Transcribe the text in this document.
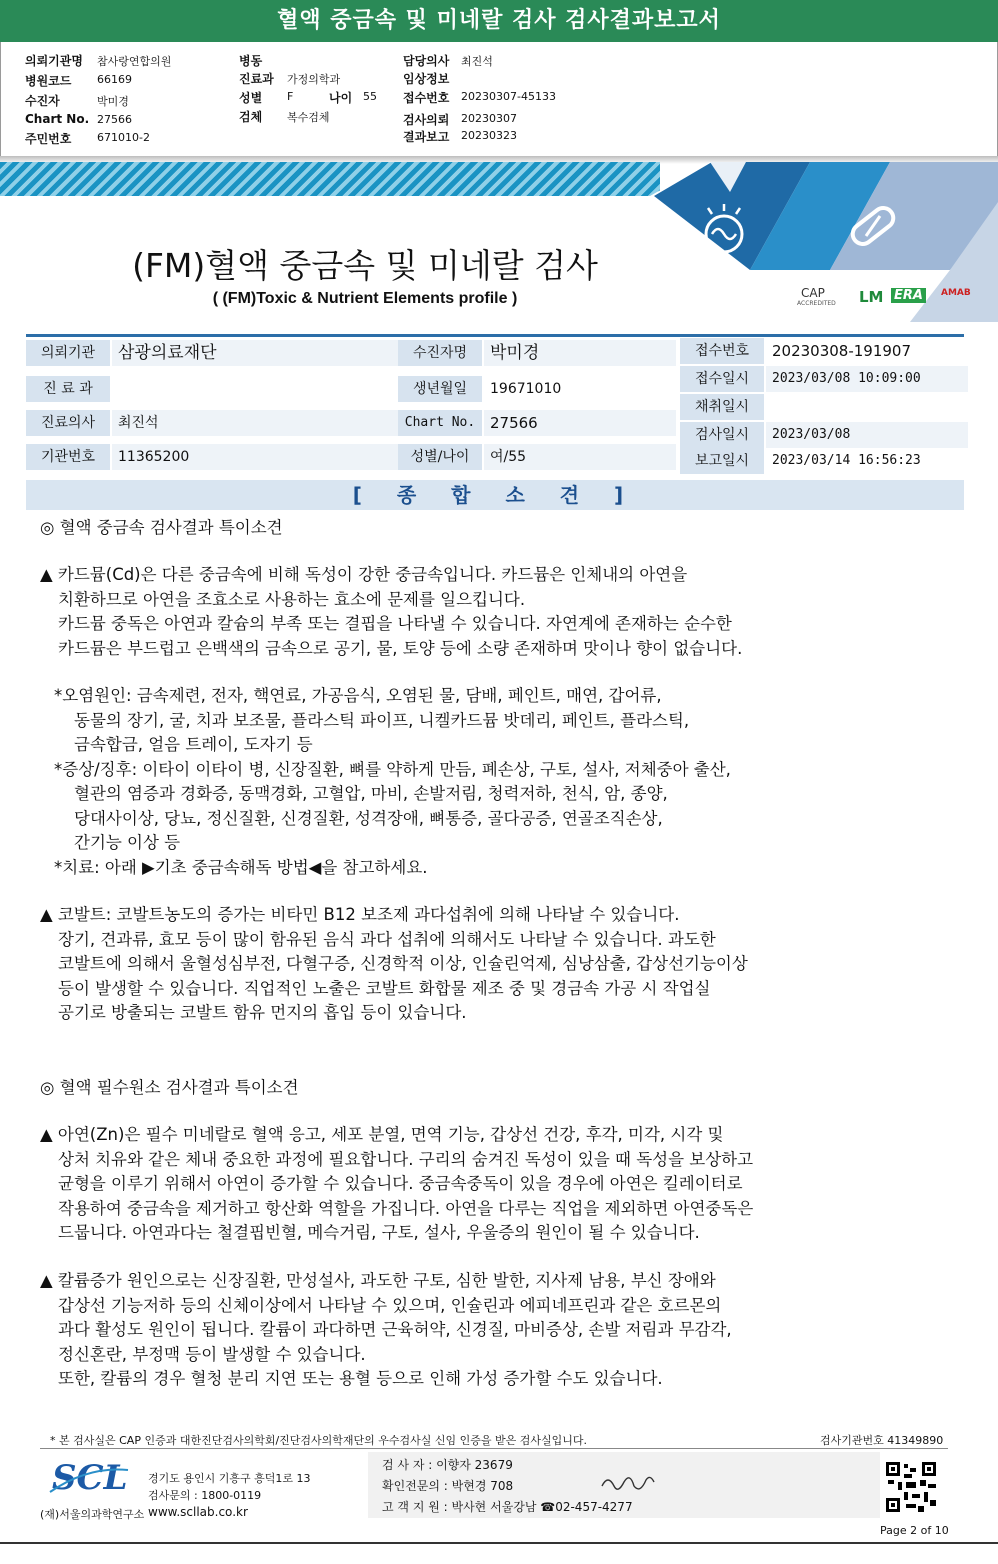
혈액 중금속 및 미네랄 검사 검사결과보고서
의뢰기관명 참사랑연합의원
병원코드 66169
수진자	박미경
Chart No. 27566
주민번호 671010-2
병동
진료과 가정의학과
성별 F	나이 55
검체 복수검체
담당의사 최진석
임상정보
접수번호 20230307-45133
검사의뢰 20230307
결과보고 20230323
(FM)혈액 중금속 및 미네랄 검사
( (FM)Toxic & Nutrient Elements profile )	CAP
ACCREDITED LM ERA	AMAB
의뢰기관	삼광의료재단
진 료 과
진료의사	최진석
기관번호	11365200
수진자명	박미경
생년월일	19671010
Chart No. 27566
성별/나이	여/55
접수번호	20230308-191907
접수일시	2023/03/08 10:09:00
채취일시
검사일시	2023/03/08
보고일시	2023/03/14 16:56:23
[ 종 합 소 견 ]
◎ 혈액 중금속 검사결과 특이소견
▲ 카드뮴(Cd)은 다른 중금속에 비해 독성이 강한 중금속입니다. 카드뮴은 인체내의 아연을
치환하므로 아연을 조효소로 사용하는 효소에 문제를 일으킵니다.
카드뮴 중독은 아연과 칼슘의 부족 또는 결핍을 나타낼 수 있습니다. 자연계에 존재하는 순수한
카드뮴은 부드럽고 은백색의 금속으로 공기, 물, 토양 등에 소량 존재하며 맛이나 향이 없습니다.
*오염원인: 금속제련, 전자, 핵연료, 가공음식, 오염된 물, 담배, 페인트, 매연, 갑어류,
동물의 장기, 굴, 치과 보조물, 플라스틱 파이프, 니켈카드뮴 밧데리, 페인트, 플라스틱,
금속합금, 얼음 트레이, 도자기 등
*증상/징후: 이타이 이타이 병, 신장질환, 뼈를 약하게 만듬, 폐손상, 구토, 설사, 저체중아 출산,
혈관의 염증과 경화증, 동맥경화, 고혈압, 마비, 손발저림, 청력저하, 천식, 암, 종양,
당대사이상, 당뇨, 정신질환, 신경질환, 성격장애, 뼈통증, 골다공증, 연골조직손상,
간기능 이상 등
*치료: 아래 ▶기초 중금속해독 방법◀을 참고하세요.
▲ 코발트: 코발트농도의 증가는 비타민 B12 보조제 과다섭취에 의해 나타날 수 있습니다.
장기, 견과류, 효모 등이 많이 함유된 음식 과다 섭취에 의해서도 나타날 수 있습니다. 과도한
코발트에 의해서 울혈성심부전, 다혈구증, 신경학적 이상, 인슐린억제, 심낭삼출, 갑상선기능이상
등이 발생할 수 있습니다. 직업적인 노출은 코발트 화합물 제조 중 및 경금속 가공 시 작업실
공기로 방출되는 코발트 함유 먼지의 흡입 등이 있습니다.
◎ 혈액 필수원소 검사결과 특이소견
▲ 아연(Zn)은 필수 미네랄로 혈액 응고, 세포 분열, 면역 기능, 갑상선 건강, 후각, 미각, 시각 및
상처 치유와 같은 체내 중요한 과정에 필요합니다. 구리의 숨겨진 독성이 있을 때 독성을 보상하고
균형을 이루기 위해서 아연이 증가할 수 있습니다. 중금속중독이 있을 경우에 아연은 킬레이터로
작용하여 중금속을 제거하고 항산화 역할을 가집니다. 아연을 다루는 직업을 제외하면 아연중독은
드뭅니다. 아연과다는 철결핍빈혈, 메슥거림, 구토, 설사, 우울증의 원인이 될 수 있습니다.
▲ 칼륨증가 원인으로는 신장질환, 만성설사, 과도한 구토, 심한 발한, 지사제 남용, 부신 장애와
갑상선 기능저하 등의 신체이상에서 나타날 수 있으며, 인슐린과 에피네프린과 같은 호르몬의
과다 활성도 원인이 됩니다. 칼륨이 과다하면 근육허약, 신경질, 마비증상, 손발 저림과 무감각,
정신혼란, 부정맥 등이 발생할 수 있습니다.
또한, 칼륨의 경우 혈청 분리 지연 또는 용혈 등으로 인해 가성 증가할 수도 있습니다.
* 본 검사실은 CAP 인증과 대한진단검사의학회/진단검사의학재단의 우수검사실 신임 인증을 받은 검사실입니다.	검사기관번호 41349890
SCL
(재)서울의과학연구소
경기도 용인시 기흥구 흥덕1로 13
검사문의 : 1800-0119
www.scllab.co.kr
검 사 자 : 이향자 23679
확인전문의 : 박현경 708
고 객 지 원 : 박사현 서울강남 ☎02-457-4277
Page 2 of 10
